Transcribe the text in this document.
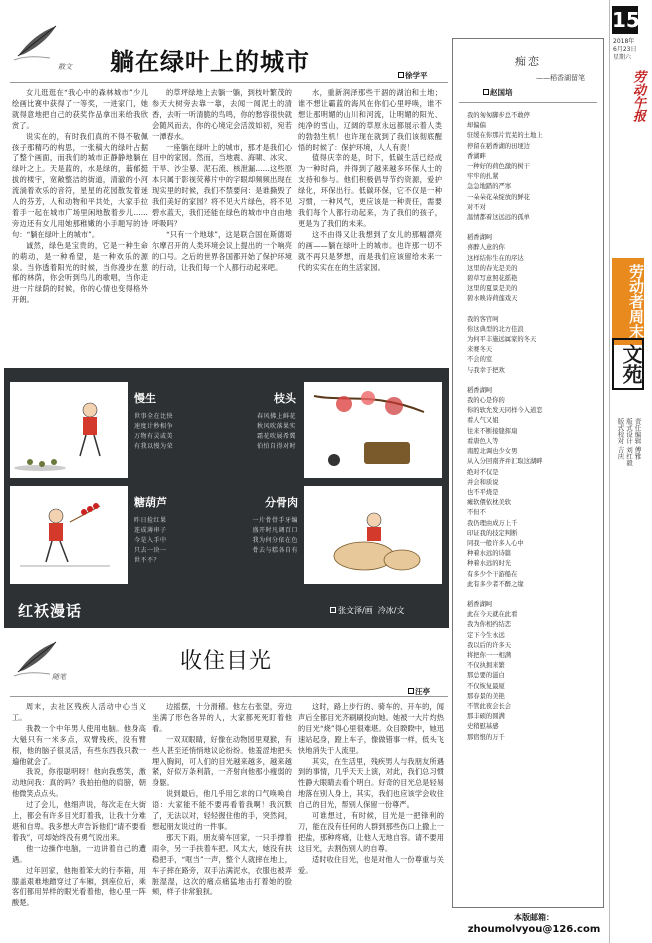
15
2018年
6月23日
星期六
劳动午报
劳动者周末
文苑
责任编辑 傅雅
版式设计 刘红毅
版式校对 吉庆
散文 躺在绿叶上的城市	徐学平

女儿逛逛在“我心中的森林城市”少儿绘画比赛中获得了一等奖，一进家门，她就得意地把自己的获奖作品拿出来给我欣赏了。

说实在的，有时我们真的不得不敬佩孩子那精巧的构思，一张稿大的绿叶占据了整个画面，而我们的城市正静静地躺在绿叶之上。天是蓝的，水是绿的，蓊郁挺拔的楼宇，宽敞整洁的街道，清澈的小河流淌着欢乐的音符，星星的花园散发着迷人的芬芳，人和动物和平共处，大家手拉着手一起在城市广场里闲地散着步儿……旁边还有女儿用她那稚嫩的小手题写的诗句：“躺在绿叶上的城市”。

诚然，绿色是宝贵的，它是一种生命的萌动，是一种希望，是一种欢乐的源泉。当你透着阳光的时候，当你漫步在葱郁的林荫，你会听到鸟儿的歌唱，当你走进一片绿荫的时候，你的心情也变得格外开朗。

的草坪绿地上去躺一躺，到枝叶繁茂的参天大树旁去靠一靠，去闻一闻泥土的清香，去听一听清脆的鸟鸣，你的愁容很快就会随风而去，你的心境定会活泼如初，宛若一潭春水。

一座躺在绿叶上的城市，那才是我们心目中的家园。然而，当地震、海啸、冰灾、干旱、沙尘暴、泥石流、核泄漏……这些原本只属于影视荧幕片中的字眼却频频出现在现实里的时候，我们不禁要问：是谁撕毁了我们美好的家园？将不见大片绿色，将不见碧水蓝天，我们还能在绿色的城市中自由地呼吸吗？

“只有一个地球”，这是联合国在斯德哥尔摩召开的人类环境会议上提出的一个响亮的口号。之后的世界各国都开始了保护环境的行动，让我们每一个人都行动起来吧。

水，重新润泽那些干涸的湖泊和土地；谁不想让霸蓝的海风在你们心里呼唤，谁不想让那明媚的山川和河流，让明媚的阳光、纯净的雪山，辽阔的草原永远都展示着人类的勃勃生机！也许现在就到了我们该彻底醒悟的时候了：保护环境，人人有责！

值得庆幸的是，时下，低碳生活已经成为一种时尚，并得到了越来越多环保人士的支持和参与。他们积极倡导节约资源，爱护绿化，环保出行。低碳环保，它不仅是一种习惯，一种风气，更应该是一种责任，需要我们每个人都行动起来，为了我们的孩子，更是为了我们的未来。

这不由得又让我想到了女儿的那幅漂亮的画——躺在绿叶上的城市。也许那一切不就不再只是梦想，而是我们应该留给未来一代的实实在在的生活家园。

慢生
世事全在比快
速度计秒相争
万物有灵或美
有我以慢为荣
枝头
春风拂上鲜花
秋风吹落果实
霜花吹展希冀
伯怕自得对时
糖葫芦
昨日捡红果
连成薄串子
今是入手中
只去一块一
世不不？
分骨肉
一片骨骨手牙编
盛开时凡调百口
我为何分依在色
骨去与糕各自有
红袄漫话	张文泽/画 冷冰/文
随笔
收住目光
汪亭

周末，去社区残疾人活动中心当义工。

我教一个中年男人使用电脑。他身高大魁只有一米多点，双臂残疾，没有臂根，他的脑子很灵活，有些东西我只教一遍他就会了。

我说，你很聪明呀！他向我憨笑，激动地问我：真的吗？我拍拍他的肩膀，朝他微笑点点头。

过了会儿，他细声说，每次走在大街上，都会有许多目光盯着我，让我十分难堪和自卑。我多想大声告诉他们“请不要看着我”，可却始终没有勇气说出来。

他一边操作电脑，一边讲着自己的遭遇。

过年回家，他拖着笨大的行李箱，用膝盖艰难地蹭穿过了车厢，到座位后，乘客们都用异样的眼光看着他，他心里一阵酸楚。

边摇摆，十分滑稽。他左右张望，旁边坐满了形色各异的人，大家都死死盯着他看。

一双双眼睛，好像在动物园里观猴，有些人甚至还悄悄地议论纷纷。他羞涩地把头埋入胸间，可人们的目光越来越多，越来越紧，好似万条利箭，一齐射向他那小瘦弱的身躯。

说到最后，他几乎用乞求的口气唤唤自语：大家能不能不要再看着我啊！我沉默了，无法以对，轻轻握住他的手，突然间，想起朋友说过的一件事。

那天下雨，朋友骑车回家，一只手撑着雨伞，另一手扶着车把。风太大，她没有扶稳把手，“哐当”一声，整个人就摔在地上，车子摔在路旁，双手沾满泥水，衣服也被弄脏湿湿，这次的痛点痛猛地击打着她的脸颊，样子非常狼狈。

这时，路上步行的、骑车的、开车的，闻声后全都目光齐刷刷投向她。她被一大片灼热的目光“烧”得心里很难堪。众目睽睽中，她迅速站起身，蹬上车子，像做错事一样，低头飞快地消失于人流里。

其实，在生活里，残疾男人与我朋友所遇到的事情，几乎天天上演，对此，我们总习惯性静大眼睛去看个明白。好奇的目光总是轻易地落在别人身上，其实，我们也应该学会收住自己的目光，帮别人保留一份尊严。

可谁想过，有时候，目光是一把锋利的刀，能在没有任何的人群到那些伤口上撒上一把盐，那种疼痛，让他人无地自容。请不要用这目光，去割伤别人的自尊。

适时收住目光，也是对他人一份尊重与关爱。

痴恋
——稻香湖留笔
赵国培
我的匆匆脚步总不敢停
却偏偏
驻缓在你那片荒芜的土地上
停留在稻香湖的田埂边
香湖畔
一种好的荷色激的树干
牢牢的扎紧
急急地踏的严寒
一朵朵花朵绽放的鲜花
对不对
温情都着这远远的孤单
稻香湖呵
喜醉人意的你
这样结你生在的序达
这里的春光是美的
碧草写意照花摇艳
这里的夏景是美的
碧水映诗荷莲戏天
我的客官呵
你这典型的北方佳浪
为何平丰施远属家的冬天
来赛冬天
不会的室
与我幸于把欢
稻香湖呵
我的心是你的
你的软允发天同样今入道恋
看人气又姐
往来不断接缝挥扇
看唐色人等
南腔北调也少女男
从入分回南齐并汇取这湖畔
绝对不仅是
并会和质说
也不平烧是
瘫软偎依枕美软
不但不
我仍理由成万上千
印证我的技定判断
同我一般许多人心中
种着水远的诗篇
种着水远的时光
有多少个干游船在
此有多少者不醉之缘
稻香湖呵
此在今天就在此看
我为你相约结恋
定下今生永远
我以后的许多天
将把你一一相满
不仅执拥来繁
那总要的滋白
不仅恢复最厦
那春景的美艳
不管此夜会长会
那丰硕的圆满
史稍慰基感
那宿恨的万千
本版邮箱：
zhoumolvyou@126.com
